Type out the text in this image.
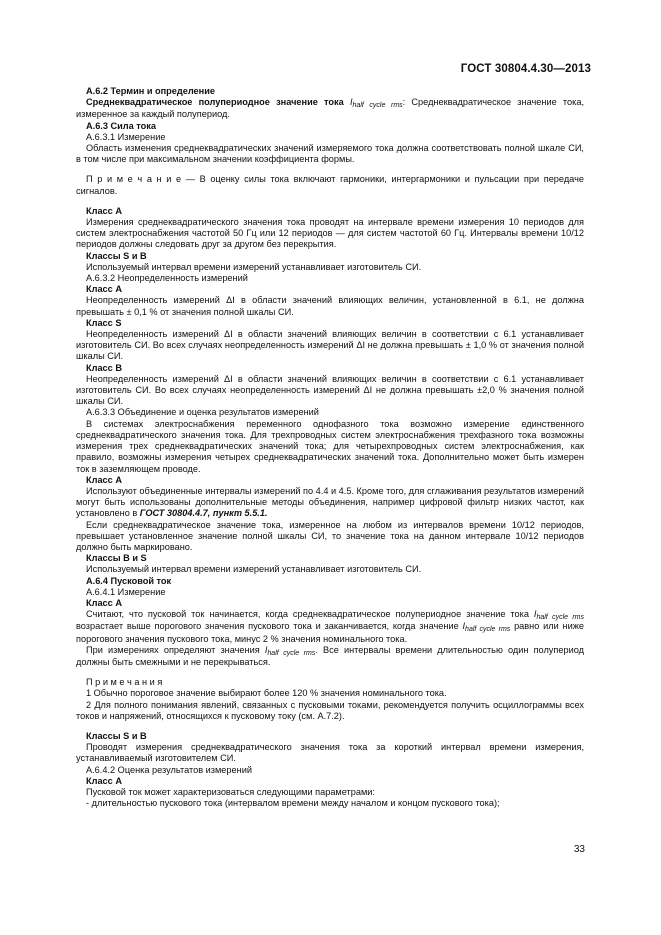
ГОСТ 30804.4.30—2013

А.6.2 Термин и определение

Среднеквадратическое полупериодное значение тока $I_{half cycle rms}$: Среднеквадратическое значение тока, измеренное за каждый полупериод.

А.6.3 Сила тока

А.6.3.1 Измерение

Область изменения среднеквадратических значений измеряемого тока должна соответствовать полной шкале СИ, в том числе при максимальном значении коэффициента формы.

П р и м е ч а н и е — В оценку силы тока включают гармоники, интергармоники и пульсации при передаче сигналов.

Класс А

Измерения среднеквадратического значения тока проводят на интервале времени измерения 10 периодов для систем электроснабжения частотой 50 Гц или 12 периодов — для систем частотой 60 Гц. Интервалы времени 10/12 периодов должны следовать друг за другом без перекрытия.

Классы S и B

Используемый интервал времени измерений устанавливает изготовитель СИ.

А.6.3.2 Неопределенность измерений

Класс А

Неопределенность измерений ΔI в области значений влияющих величин, установленной в 6.1, не должна превышать ± 0,1 % от значения полной шкалы СИ.

Класс S

Неопределенность измерений ΔI в области значений влияющих величин в соответствии с 6.1 устанавливает изготовитель СИ. Во всех случаях неопределенность измерений ΔI не должна превышать ± 1,0 % от значения полной шкалы СИ.

Класс В

Неопределенность измерений ΔI в области значений влияющих величин в соответствии с 6.1 устанавливает изготовитель СИ. Во всех случаях неопределенность измерений ΔI не должна превышать ±2,0 % значения полной шкалы СИ.

А.6.3.3 Объединение и оценка результатов измерений

В системах электроснабжения переменного однофазного тока возможно измерение единственного среднеквадратического значения тока. Для трехпроводных систем электроснабжения трехфазного тока возможны измерения трех среднеквадратических значений тока; для четырехпроводных систем электроснабжения, как правило, возможны измерения четырех среднеквадратических значений тока. Дополнительно может быть измерен ток в заземляющем проводе.

Класс А

Используют объединенные интервалы измерений по 4.4 и 4.5. Кроме того, для сглаживания результатов измерений могут быть использованы дополнительные методы объединения, например цифровой фильтр низких частот, как установлено в ГОСТ 30804.4.7, пункт 5.5.1.

Если среднеквадратическое значение тока, измеренное на любом из интервалов времени 10/12 периодов, превышает установленное значение полной шкалы СИ, то значение тока на данном интервале 10/12 периодов должно быть маркировано.

Классы В и S

Используемый интервал времени измерений устанавливает изготовитель СИ.

А.6.4 Пусковой ток

А.6.4.1 Измерение

Класс А

Считают, что пусковой ток начинается, когда среднеквадратическое полупериодное значение тока $I_{half cycle rms}$ возрастает выше порогового значения пускового тока и заканчивается, когда значение $I_{half cycle rms}$ равно или ниже порогового значения пускового тока, минус 2 % значения номинального тока.

При измерениях определяют значения $I_{half cycle rms}$. Все интервалы времени длительностью один полупериод должны быть смежными и не перекрываться.

П р и м е ч а н и я

1 Обычно пороговое значение выбирают более 120 % значения номинального тока.

2 Для полного понимания явлений, связанных с пусковыми токами, рекомендуется получить осциллограммы всех токов и напряжений, относящихся к пусковому току (см. А.7.2).

Классы S и В

Проводят измерения среднеквадратического значения тока за короткий интервал времени измерения, устанавливаемый изготовителем СИ.

А.6.4.2 Оценка результатов измерений

Класс А

Пусковой ток может характеризоваться следующими параметрами:

- длительностью пускового тока (интервалом времени между началом и концом пускового тока);

33
